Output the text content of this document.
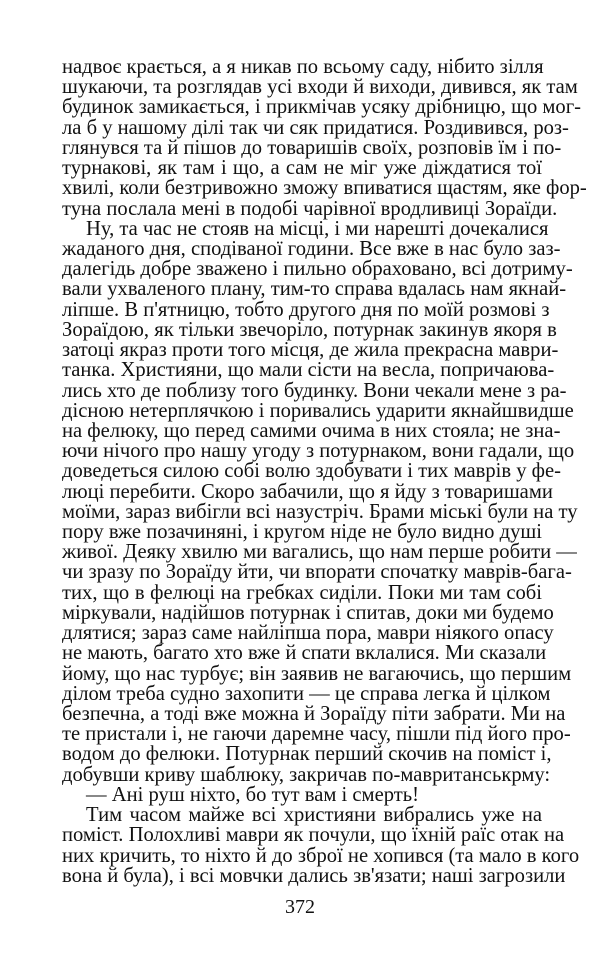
надвоє крається, а я никав по всьому саду, нібито зілля
шукаючи, та розглядав усі входи й виходи, дивився, як там
будинок замикається, і прикмічав усяку дрібницю, що мог-
ла б у нашому ділі так чи сяк придатися. Роздивився, роз-
глянувся та й пішов до товаришів своїх, розповів їм і по-
турнакові, як там і що, а сам не міг уже діждатися тої
хвилі, коли безтривожно зможу впиватися щастям, яке фор-
туна послала мені в подобі чарівної вродливиці Зораїди.
Ну, та час не стояв на місці, і ми нарешті дочекалися
жаданого дня, сподіваної години. Все вже в нас було заз-
далегідь добре зважено і пильно обраховано, всі дотриму-
вали ухваленого плану, тим-то справа вдалась нам якнай-
ліпше. В п'ятницю, тобто другого дня по моїй розмові з
Зораїдою, як тільки звечоріло, потурнак закинув якоря в
затоці якраз проти того місця, де жила прекрасна маври-
танка. Християни, що мали сісти на весла, попричаюва-
лись хто де поблизу того будинку. Вони чекали мене з ра-
дісною нетерплячкою і поривались ударити якнайшвидше
на фелюку, що перед самими очима в них стояла; не зна-
ючи нічого про нашу угоду з потурнаком, вони гадали, що
доведеться силою собі волю здобувати і тих маврів у фе-
люці перебити. Скоро забачили, що я йду з товаришами
моїми, зараз вибігли всі назустріч. Брами міські були на ту
пору вже позачиняні, і кругом ніде не було видно душі
живої. Деяку хвилю ми вагались, що нам перше робити —
чи зразу по Зораїду йти, чи впорати спочатку маврів-бага-
тих, що в фелюці на гребках сиділи. Поки ми там собі
міркували, надійшов потурнак і спитав, доки ми будемо
длятися; зараз саме найліпша пора, маври ніякого опасу
не мають, багато хто вже й спати вклалися. Ми сказали
йому, що нас турбує; він заявив не вагаючись, що першим
ділом треба судно захопити — це справа легка й цілком
безпечна, а тоді вже можна й Зораїду піти забрати. Ми на
те пристали і, не гаючи даремне часу, пішли під його про-
водом до фелюки. Потурнак перший скочив на поміст і,
добувши криву шаблюку, закричав по-мавританськрму:
— Ані руш ніхто, бо тут вам і смерть!
Тим часом майже всі християни вибрались уже на
поміст. Полохливі маври як почули, що їхній раїс отак на
них кричить, то ніхто й до зброї не хопився (та мало в кого
вона й була), і всі мовчки дались зв'язати; наші загрозили
372
